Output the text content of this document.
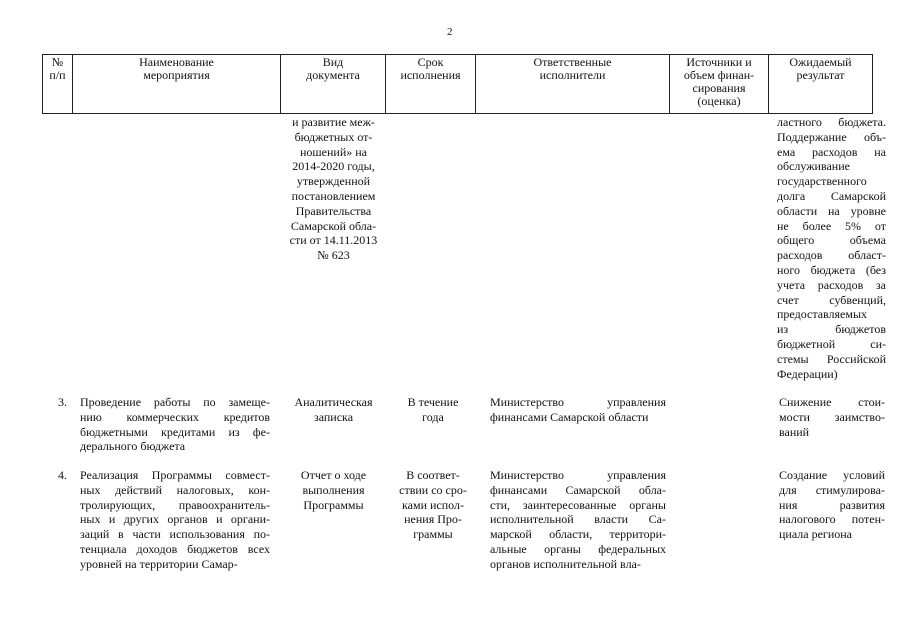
2
№
п/п
Наименование
мероприятия
Вид
документа
Срок
исполнения
Ответственные
исполнители
Источники и
объем финан-
сирования
(оценка)
Ожидаемый
результат
и развитие меж-
бюджетных от-
ношений» на
2014-2020 годы,
утвержденной
постановлением
Правительства
Самарской обла-
сти от 14.11.2013
№ 623
ластного бюджета.
Поддержание объ-
ема расходов на
обслуживание
государственного
долга Самарской
области на уровне
не более 5% от
общего объема
расходов област-
ного бюджета (без
учета расходов за
счет субвенций,
предоставляемых
из бюджетов
бюджетной си-
стемы Российской
Федерации)
3. Проведение работы по замеще-
нию коммерческих кредитов
бюджетными кредитами из фе-
дерального бюджета
Аналитическая
записка
В течение
года
Министерство управления
финансами Самарской области
Снижение стои-
мости заимство-
ваний
4. Реализация Программы совмест-
ных действий налоговых, кон-
тролирующих, правоохранитель-
ных и других органов и органи-
заций в части использования по-
тенциала доходов бюджетов всех
уровней на территории Самар-
Отчет о ходе
выполнения
Программы
В соответ-
ствии со сро-
ками испол-
нения Про-
граммы
Министерство управления
финансами Самарской обла-
сти, заинтересованные органы
исполнительной власти Са-
марской области, территори-
альные органы федеральных
органов исполнительной вла-
Создание условий
для стимулирова-
ния развития
налогового потен-
циала региона
